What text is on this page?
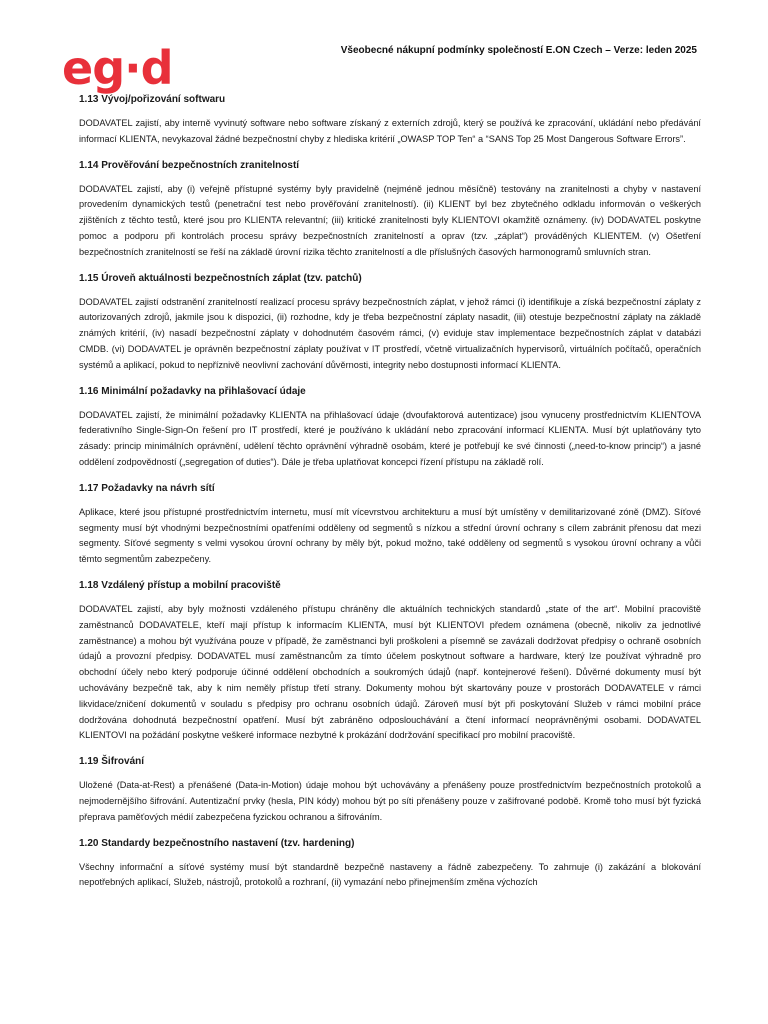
eg·d	Všeobecné nákupní podmínky společností E.ON Czech – Verze: leden 2025
1.13 Vývoj/pořizování softwaru

DODAVATEL zajistí, aby interně vyvinutý software nebo software získaný z externích zdrojů, který se používá ke zpracování, ukládání nebo předávání informací KLIENTA, nevykazoval žádné bezpečnostní chyby z hlediska kritérií „OWASP TOP Ten“ a “SANS Top 25 Most Dangerous Software Errors”.

1.14 Prověřování bezpečnostních zranitelností

DODAVATEL zajistí, aby (i) veřejně přístupné systémy byly pravidelně (nejméně jednou měsíčně) testovány na zranitelnosti a chyby v nastavení provedením dynamických testů (penetrační test nebo prověřování zranitelností). (ii) KLIENT byl bez zbytečného odkladu informován o veškerých zjištěních z těchto testů, které jsou pro KLIENTA relevantní; (iii) kritické zranitelnosti byly KLIENTOVI okamžitě oznámeny. (iv) DODAVATEL poskytne pomoc a podporu při kontrolách procesu správy bezpečnostních zranitelností a oprav (tzv. „záplat“) prováděných KLIENTEM. (v) Ošetření bezpečnostních zranitelností se řeší na základě úrovní rizika těchto zranitelností a dle příslušných časových harmonogramů smluvních stran.

1.15 Úroveň aktuálnosti bezpečnostních záplat (tzv. patchů)

DODAVATEL zajistí odstranění zranitelností realizací procesu správy bezpečnostních záplat, v jehož rámci (i) identifikuje a získá bezpečnostní záplaty z autorizovaných zdrojů, jakmile jsou k dispozici, (ii) rozhodne, kdy je třeba bezpečnostní záplaty nasadit, (iii) otestuje bezpečnostní záplaty na základě známých kritérií, (iv) nasadí bezpečnostní záplaty v dohodnutém časovém rámci, (v) eviduje stav implementace bezpečnostních záplat v databázi CMDB. (vi) DODAVATEL je oprávněn bezpečnostní záplaty používat v IT prostředí, včetně virtualizačních hypervisorů, virtuálních počítačů, operačních systémů a aplikací, pokud to nepříznivě neovlivní zachování důvěrnosti, integrity nebo dostupnosti informací KLIENTA.

1.16 Minimální požadavky na přihlašovací údaje

DODAVATEL zajistí, že minimální požadavky KLIENTA na přihlašovací údaje (dvoufaktorová autentizace) jsou vynuceny prostřednictvím KLIENTOVA federativního Single-Sign-On řešení pro IT prostředí, které je používáno k ukládání nebo zpracování informací KLIENTA. Musí být uplatňovány tyto zásady: princip minimálních oprávnění, udělení těchto oprávnění výhradně osobám, které je potřebují ke své činnosti („need-to-know princip“) a jasné oddělení zodpovědností („segregation of duties“). Dále je třeba uplatňovat koncepci řízení přístupu na základě rolí.

1.17 Požadavky na návrh sítí

Aplikace, které jsou přístupné prostřednictvím internetu, musí mít vícevrstvou architekturu a musí být umístěny v demilitarizované zóně (DMZ). Síťové segmenty musí být vhodnými bezpečnostními opatřeními odděleny od segmentů s nízkou a střední úrovní ochrany s cílem zabránit přenosu dat mezi segmenty. Síťové segmenty s velmi vysokou úrovní ochrany by měly být, pokud možno, také odděleny od segmentů s vysokou úrovní ochrany a vůči těmto segmentům zabezpečeny.

1.18 Vzdálený přístup a mobilní pracoviště

DODAVATEL zajistí, aby byly možnosti vzdáleného přístupu chráněny dle aktuálních technických standardů „state of the art“. Mobilní pracoviště zaměstnanců DODAVATELE, kteří mají přístup k informacím KLIENTA, musí být KLIENTOVI předem oznámena (obecně, nikoliv za jednotlivé zaměstnance) a mohou být využívána pouze v případě, že zaměstnanci byli proškoleni a písemně se zavázali dodržovat předpisy o ochraně osobních údajů a provozní předpisy. DODAVATEL musí zaměstnancům za tímto účelem poskytnout software a hardware, který lze používat výhradně pro obchodní účely nebo který podporuje účinné oddělení obchodních a soukromých údajů (např. kontejnerové řešení). Důvěrné dokumenty musí být uchovávány bezpečně tak, aby k nim neměly přístup třetí strany. Dokumenty mohou být skartovány pouze v prostorách DODAVATELE v rámci likvidace/zničení dokumentů v souladu s předpisy pro ochranu osobních údajů. Zároveň musí být při poskytování Služeb v rámci mobilní práce dodržována dohodnutá bezpečnostní opatření. Musí být zabráněno odposlouchávání a čtení informací neoprávněnými osobami. DODAVATEL KLIENTOVI na požádání poskytne veškeré informace nezbytné k prokázání dodržování specifikací pro mobilní pracoviště.

1.19 Šifrování

Uložené (Data-at-Rest) a přenášené (Data-in-Motion) údaje mohou být uchovávány a přenášeny pouze prostřednictvím bezpečnostních protokolů a nejmodernějšího šifrování. Autentizační prvky (hesla, PIN kódy) mohou být po síti přenášeny pouze v zašifrované podobě. Kromě toho musí být fyzická přeprava paměťových médií zabezpečena fyzickou ochranou a šifrováním.

1.20 Standardy bezpečnostního nastavení (tzv. hardening)

Všechny informační a síťové systémy musí být standardně bezpečně nastaveny a řádně zabezpečeny. To zahrnuje (i) zakázání a blokování nepotřebných aplikací, Služeb, nástrojů, protokolů a rozhraní, (ii) vymazání nebo přinejmenším změna výchozích
